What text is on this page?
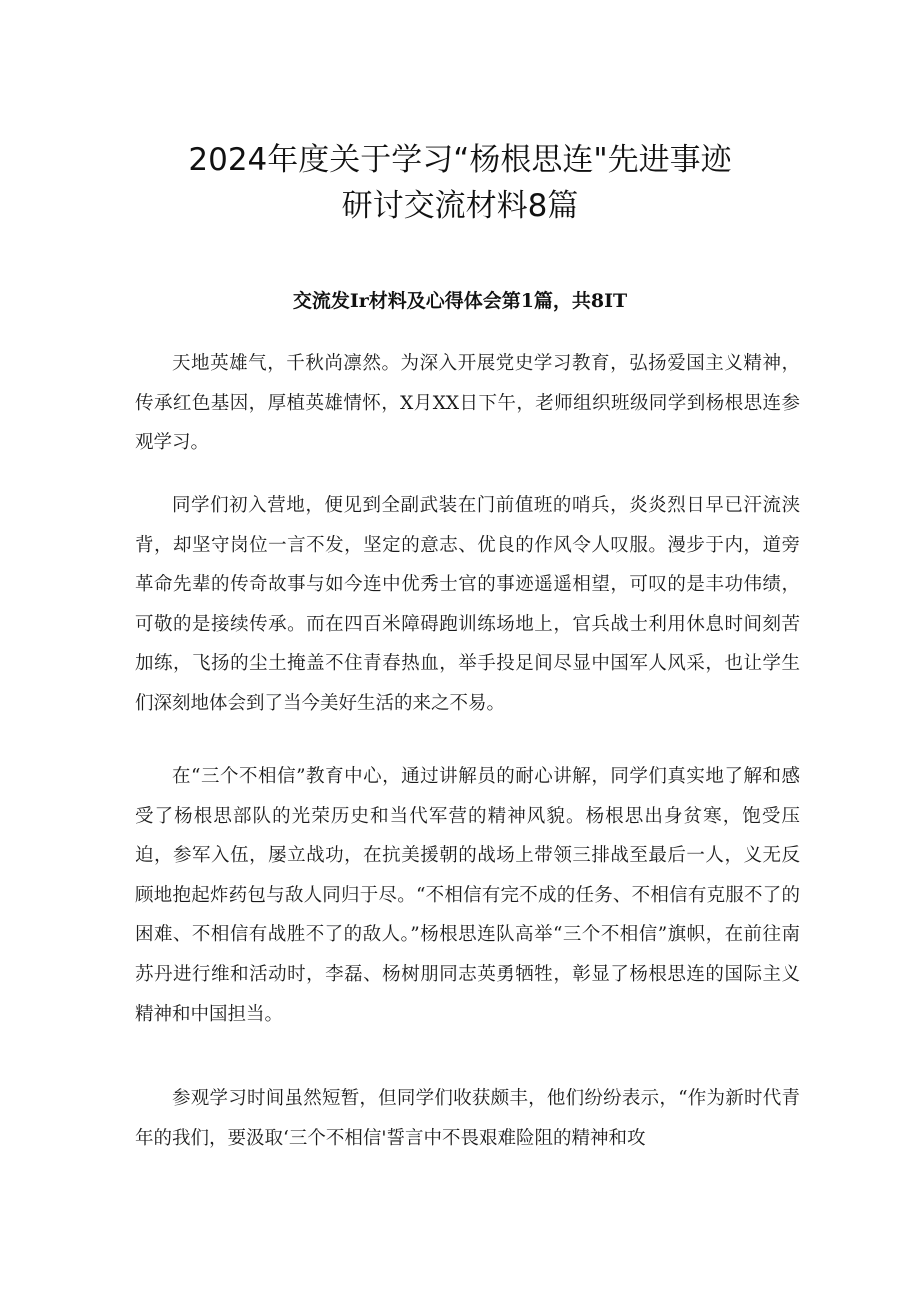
2024年度关于学习“杨根思连"先进事迹
研讨交流材料8篇
交流发Ir材料及心得体会第1篇，共8IT

天地英雄气，千秋尚凛然。为深入开展党史学习教育，弘扬爱国主义精神，传承红色基因，厚植英雄情怀，X月XX日下午，老师组织班级同学到杨根思连参观学习。

同学们初入营地，便见到全副武装在门前值班的哨兵，炎炎烈日早已汗流浃背，却坚守岗位一言不发，坚定的意志、优良的作风令人叹服。漫步于内，道旁革命先辈的传奇故事与如今连中优秀士官的事迹遥遥相望，可叹的是丰功伟绩，可敬的是接续传承。而在四百米障碍跑训练场地上，官兵战士利用休息时间刻苦加练，飞扬的尘土掩盖不住青春热血，举手投足间尽显中国军人风采，也让学生们深刻地体会到了当今美好生活的来之不易。

在“三个不相信”教育中心，通过讲解员的耐心讲解，同学们真实地了解和感受了杨根思部队的光荣历史和当代军营的精神风貌。杨根思出身贫寒，饱受压迫，参军入伍，屡立战功，在抗美援朝的战场上带领三排战至最后一人，义无反顾地抱起炸药包与敌人同归于尽。“不相信有完不成的任务、不相信有克服不了的困难、不相信有战胜不了的敌人。”杨根思连队高举“三个不相信”旗帜，在前往南苏丹进行维和活动时，李磊、杨树朋同志英勇牺牲，彰显了杨根思连的国际主义精神和中国担当。

参观学习时间虽然短暂，但同学们收获颇丰，他们纷纷表示，“作为新时代青年的我们，要汲取‘三个不相信'誓言中不畏艰难险阻的精神和攻
